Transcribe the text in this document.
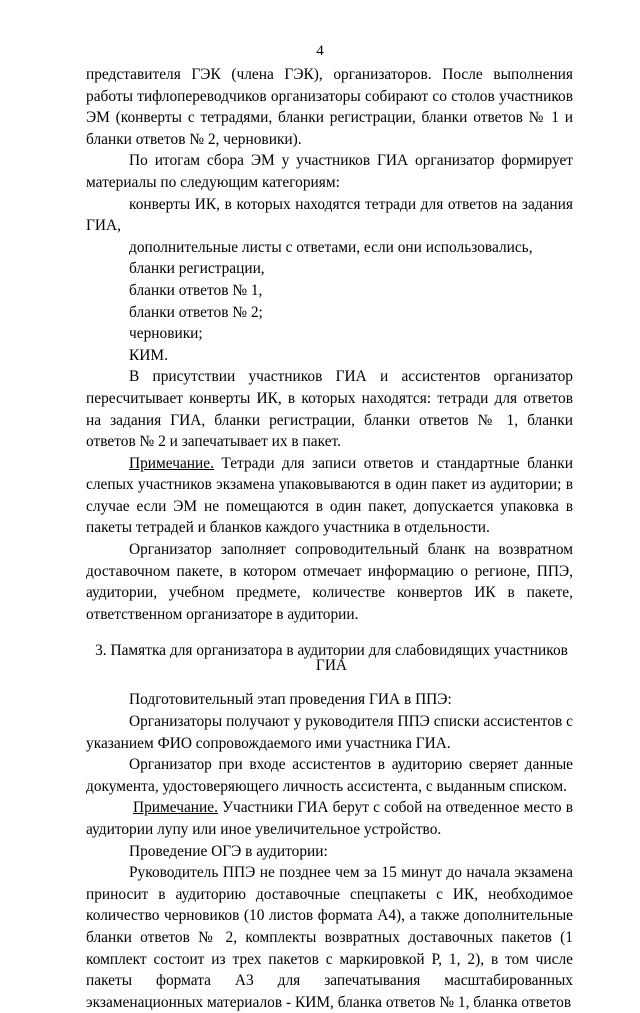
4

представителя ГЭК (члена ГЭК), организаторов. После выполнения работы тифлопереводчиков организаторы собирают со столов участников ЭМ (конверты с тетрадями, бланки регистрации, бланки ответов № 1 и бланки ответов № 2, черновики).

По итогам сбора ЭМ у участников ГИА организатор формирует материалы по следующим категориям:

конверты ИК, в которых находятся тетради для ответов на задания ГИА,

дополнительные листы с ответами, если они использовались,

бланки регистрации,

бланки ответов № 1,

бланки ответов № 2;

черновики;

КИМ.

В присутствии участников ГИА и ассистентов организатор пересчитывает конверты ИК, в которых находятся: тетради для ответов на задания ГИА, бланки регистрации, бланки ответов № 1, бланки ответов № 2 и запечатывает их в пакет.

Примечание. Тетради для записи ответов и стандартные бланки слепых участников экзамена упаковываются в один пакет из аудитории; в случае если ЭМ не помещаются в один пакет, допускается упаковка в пакеты тетрадей и бланков каждого участника в отдельности.

Организатор заполняет сопроводительный бланк на возвратном доставочном пакете, в котором отмечает информацию о регионе, ППЭ, аудитории, учебном предмете, количестве конвертов ИК в пакете, ответственном организаторе в аудитории.

3. Памятка для организатора в аудитории для слабовидящих участников ГИА

Подготовительный этап проведения ГИА в ППЭ:

Организаторы получают у руководителя ППЭ списки ассистентов с указанием ФИО сопровождаемого ими участника ГИА.

Организатор при входе ассистентов в аудиторию сверяет данные документа, удостоверяющего личность ассистента, с выданным списком.

Примечание. Участники ГИА берут с собой на отведенное место в аудитории лупу или иное увеличительное устройство.

Проведение ОГЭ в аудитории:

Руководитель ППЭ не позднее чем за 15 минут до начала экзамена приносит в аудиторию доставочные спецпакеты с ИК, необходимое количество черновиков (10 листов формата А4), а также дополнительные бланки ответов № 2, комплекты возвратных доставочных пакетов (1 комплект состоит из трех пакетов с маркировкой Р, 1, 2), в том числе пакеты формата А3 для запечатывания масштабированных экзаменационных материалов - КИМ, бланка ответов № 1, бланка ответов
